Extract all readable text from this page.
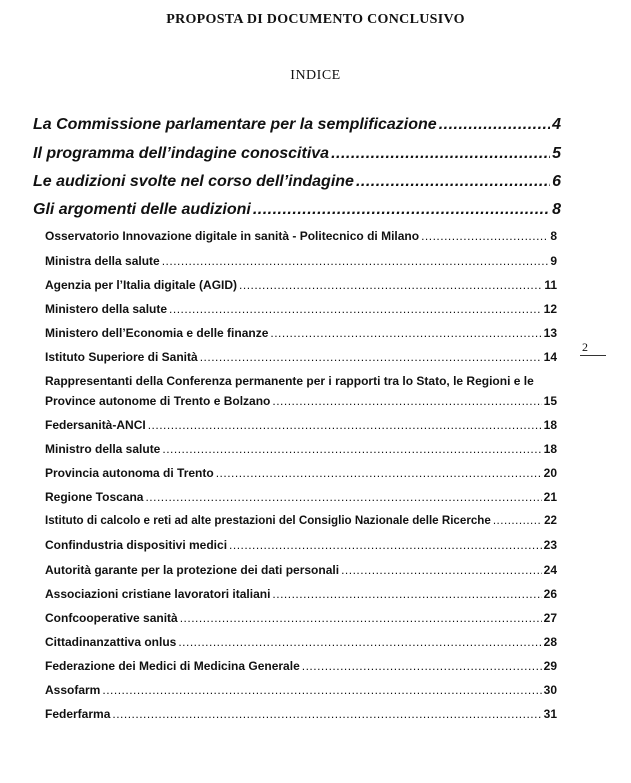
PROPOSTA DI DOCUMENTO CONCLUSIVO
INDICE
La Commissione parlamentare per la semplificazione .....	4
Il programma dell’indagine conoscitiva .....	5
Le audizioni svolte nel corso dell’indagine .....	6
Gli argomenti delle audizioni .....	8
Osservatorio Innovazione digitale in sanità - Politecnico di Milano .....	8
Ministra della salute .....	9
Agenzia per l’Italia digitale (AGID) .....	11
Ministero della salute .....	12
Ministero dell’Economia e delle finanze .....	13
Istituto Superiore di Sanità .....	14
Rappresentanti della Conferenza permanente per i rapporti tra lo Stato, le Regioni e le
Province autonome di Trento e Bolzano .....	15
Federsanità-ANCI .....	18
Ministro della salute .....	18
Provincia autonoma di Trento .....	20
Regione Toscana .....	21
Istituto di calcolo e reti ad alte prestazioni del Consiglio Nazionale delle Ricerche .....	22
Confindustria dispositivi medici .....	23
Autorità garante per la protezione dei dati personali .....	24
Associazioni cristiane lavoratori italiani .....	26
Confcooperative sanità .....	27
Cittadinanzattiva onlus .....	28
Federazione dei Medici di Medicina Generale .....	29
Assofarm .....	30
Federfarma .....	31
2
